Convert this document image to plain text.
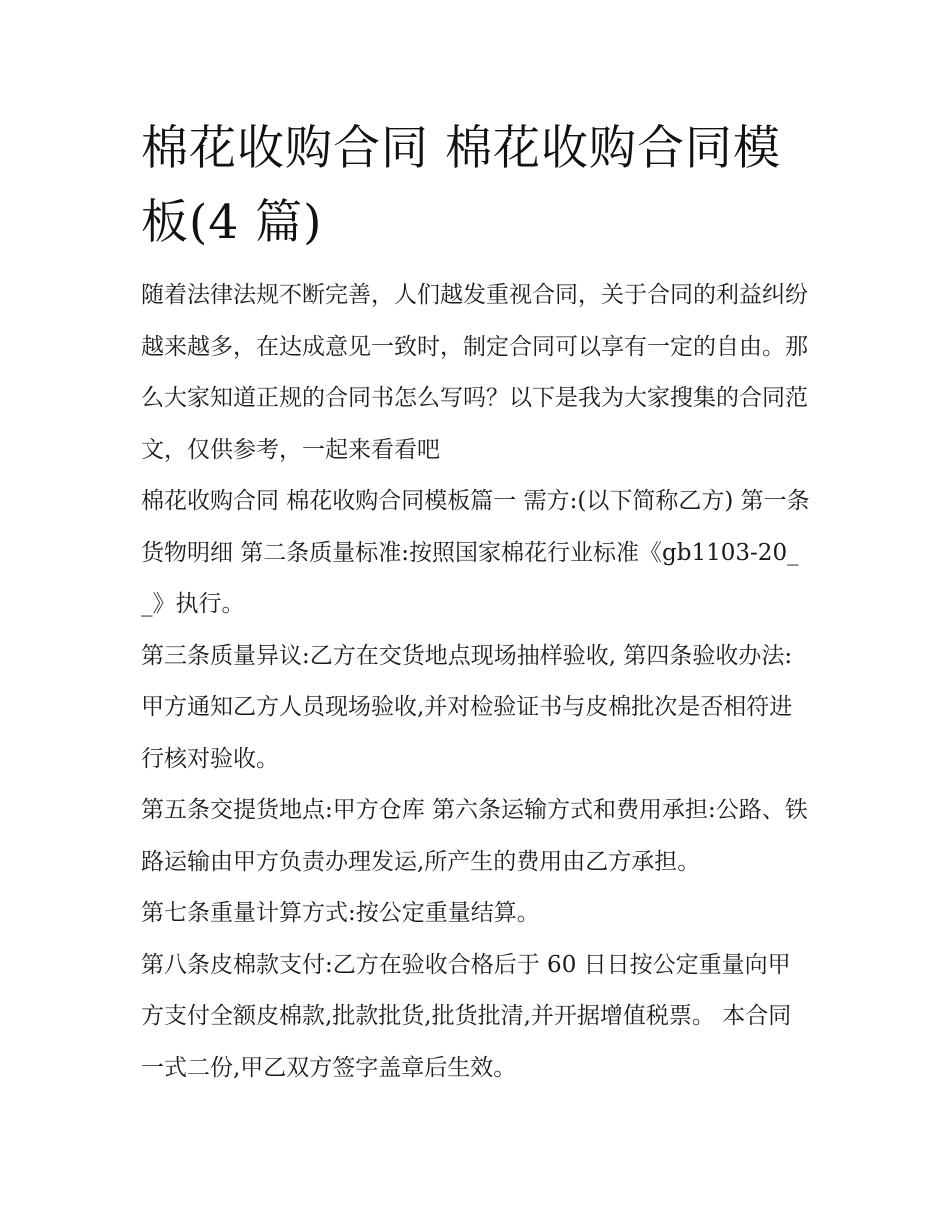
棉花收购合同 棉花收购合同模板(4 篇)

随着法律法规不断完善，人们越发重视合同，关于合同的利益纠纷越来越多，在达成意见一致时，制定合同可以享有一定的自由。那么大家知道正规的合同书怎么写吗？以下是我为大家搜集的合同范文，仅供参考，一起来看看吧

棉花收购合同 棉花收购合同模板篇一 需方:(以下简称乙方) 第一条货物明细 第二条质量标准:按照国家棉花行业标准《gb1103-20__》执行。

第三条质量异议:乙方在交货地点现场抽样验收, 第四条验收办法:甲方通知乙方人员现场验收,并对检验证书与皮棉批次是否相符进行核对验收。

第五条交提货地点:甲方仓库 第六条运输方式和费用承担:公路、铁路运输由甲方负责办理发运,所产生的费用由乙方承担。

第七条重量计算方式:按公定重量结算。

第八条皮棉款支付:乙方在验收合格后于 60 日日按公定重量向甲方支付全额皮棉款,批款批货,批货批清,并开据增值税票。 本合同一式二份,甲乙双方签字盖章后生效。
